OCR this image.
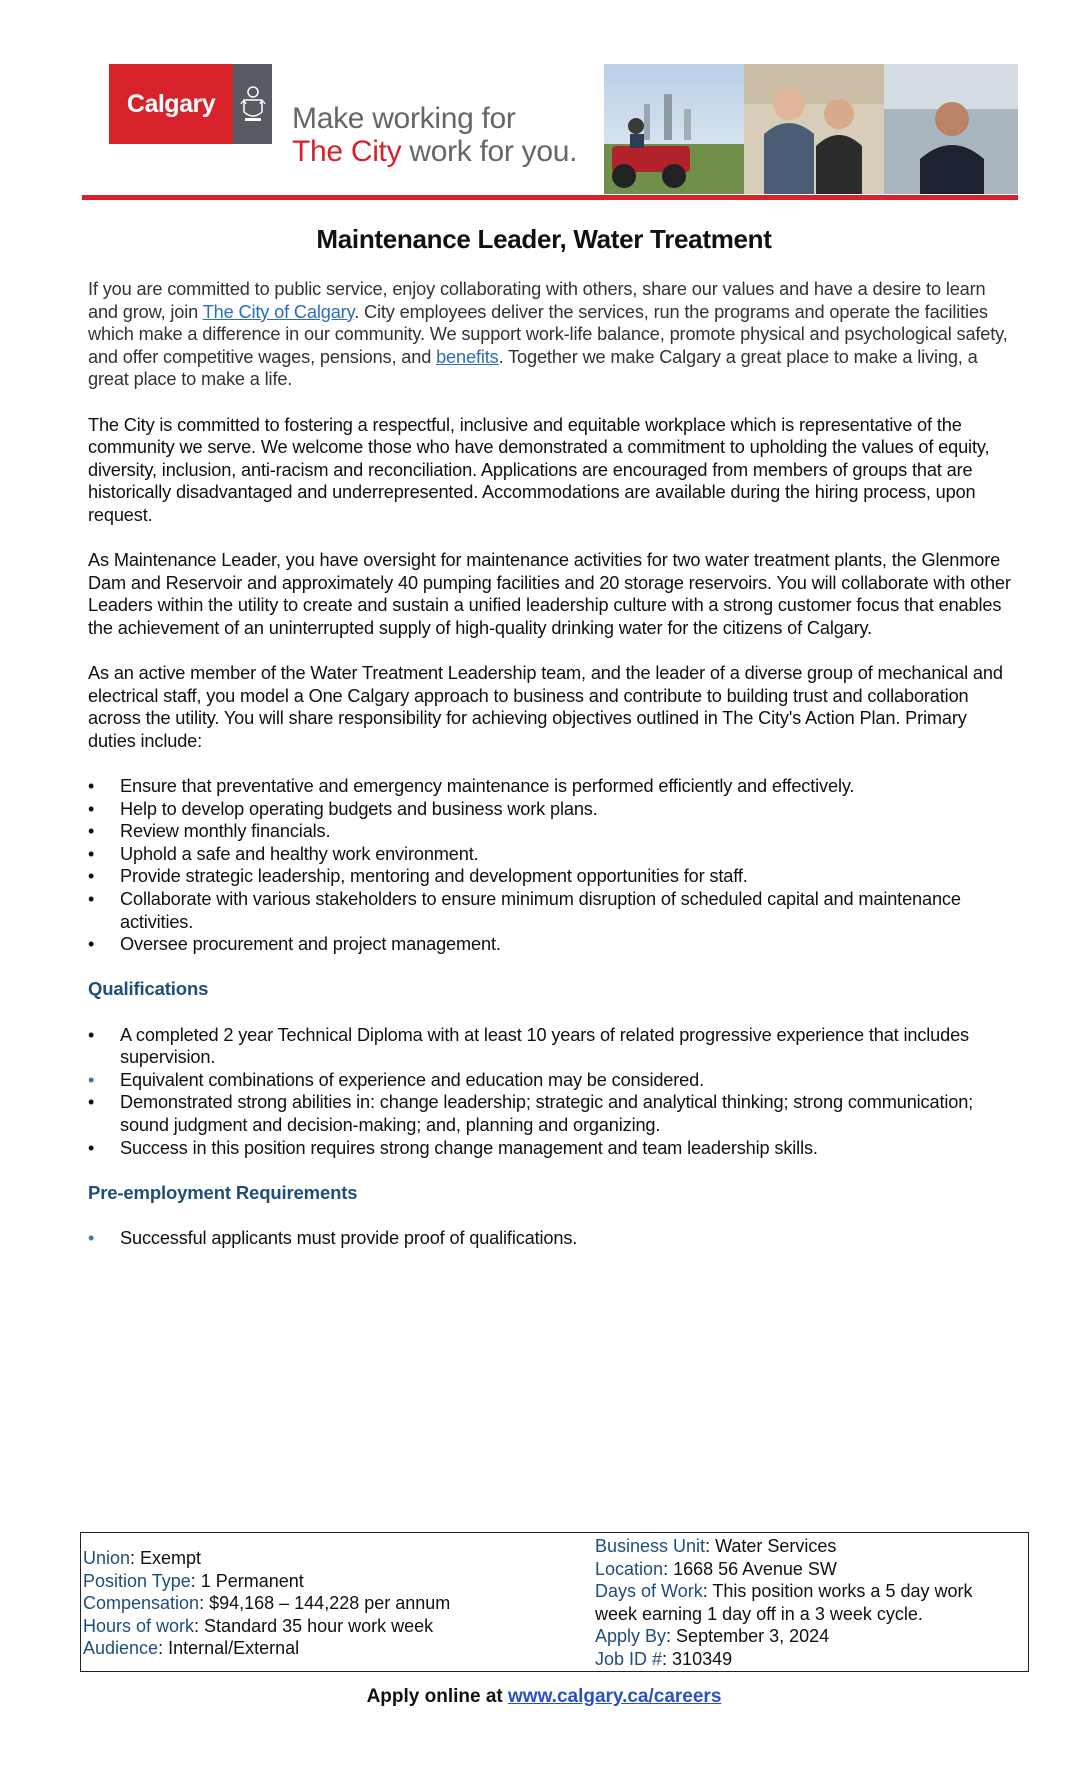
Calgary	Make working for
The City work for you.
Maintenance Leader, Water Treatment

If you are committed to public service, enjoy collaborating with others, share our values and have a desire to learn and grow, join The City of Calgary. City employees deliver the services, run the programs and operate the facilities which make a difference in our community. We support work-life balance, promote physical and psychological safety, and offer competitive wages, pensions, and benefits. Together we make Calgary a great place to make a living, a great place to make a life.

The City is committed to fostering a respectful, inclusive and equitable workplace which is representative of the community we serve. We welcome those who have demonstrated a commitment to upholding the values of equity, diversity, inclusion, anti-racism and reconciliation. Applications are encouraged from members of groups that are historically disadvantaged and underrepresented. Accommodations are available during the hiring process, upon request.

As Maintenance Leader, you have oversight for maintenance activities for two water treatment plants, the Glenmore Dam and Reservoir and approximately 40 pumping facilities and 20 storage reservoirs. You will collaborate with other Leaders within the utility to create and sustain a unified leadership culture with a strong customer focus that enables the achievement of an uninterrupted supply of high-quality drinking water for the citizens of Calgary.

As an active member of the Water Treatment Leadership team, and the leader of a diverse group of mechanical and electrical staff, you model a One Calgary approach to business and contribute to building trust and collaboration across the utility. You will share responsibility for achieving objectives outlined in The City's Action Plan. Primary duties include:

• Ensure that preventative and emergency maintenance is performed efficiently and effectively.
• Help to develop operating budgets and business work plans.
• Review monthly financials.
• Uphold a safe and healthy work environment.
• Provide strategic leadership, mentoring and development opportunities for staff.
• Collaborate with various stakeholders to ensure minimum disruption of scheduled capital and maintenance activities.
• Oversee procurement and project management.
Qualifications
• A completed 2 year Technical Diploma with at least 10 years of related progressive experience that includes supervision.
• Equivalent combinations of experience and education may be considered.
• Demonstrated strong abilities in: change leadership; strategic and analytical thinking; strong communication; sound judgment and decision-making; and, planning and organizing.
• Success in this position requires strong change management and team leadership skills.
Pre-employment Requirements
• Successful applicants must provide proof of qualifications.
Union: Exempt
Position Type: 1 Permanent
Compensation: $94,168 – 144,228 per annum
Hours of work: Standard 35 hour work week
Audience: Internal/External
Business Unit: Water Services
Location: 1668 56 Avenue SW
Days of Work: This position works a 5 day work week earning 1 day off in a 3 week cycle.
Apply By: September 3, 2024
Job ID #: 310349
Apply online at www.calgary.ca/careers
